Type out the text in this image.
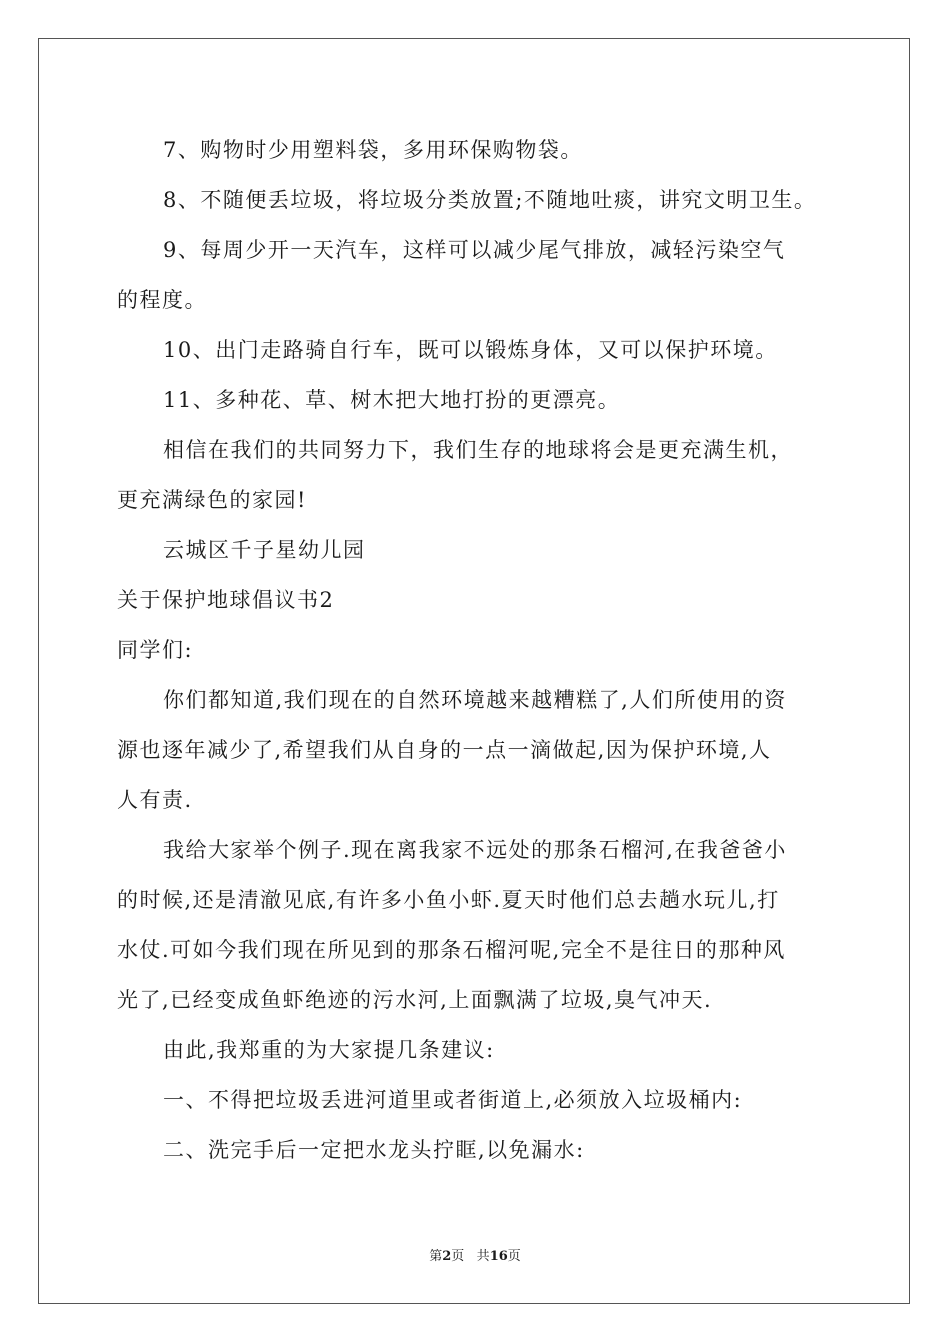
7、购物时少用塑料袋，多用环保购物袋。
8、不随便丢垃圾，将垃圾分类放置;不随地吐痰，讲究文明卫生。
9、每周少开一天汽车，这样可以减少尾气排放，减轻污染空气
的程度。
10、出门走路骑自行车，既可以锻炼身体，又可以保护环境。
11、多种花、草、树木把大地打扮的更漂亮。
相信在我们的共同努力下，我们生存的地球将会是更充满生机，
更充满绿色的家园!
云城区千子星幼儿园
关于保护地球倡议书2
同学们:
你们都知道,我们现在的自然环境越来越糟糕了,人们所使用的资
源也逐年减少了,希望我们从自身的一点一滴做起,因为保护环境,人
人有责.
我给大家举个例子.现在离我家不远处的那条石榴河,在我爸爸小
的时候,还是清澈见底,有许多小鱼小虾.夏天时他们总去趟水玩儿,打
水仗.可如今我们现在所见到的那条石榴河呢,完全不是往日的那种风
光了,已经变成鱼虾绝迹的污水河,上面飘满了垃圾,臭气冲天.
由此,我郑重的为大家提几条建议:
一、不得把垃圾丢进河道里或者街道上,必须放入垃圾桶内:
二、洗完手后一定把水龙头拧眶,以免漏水:
第2页 共16页
